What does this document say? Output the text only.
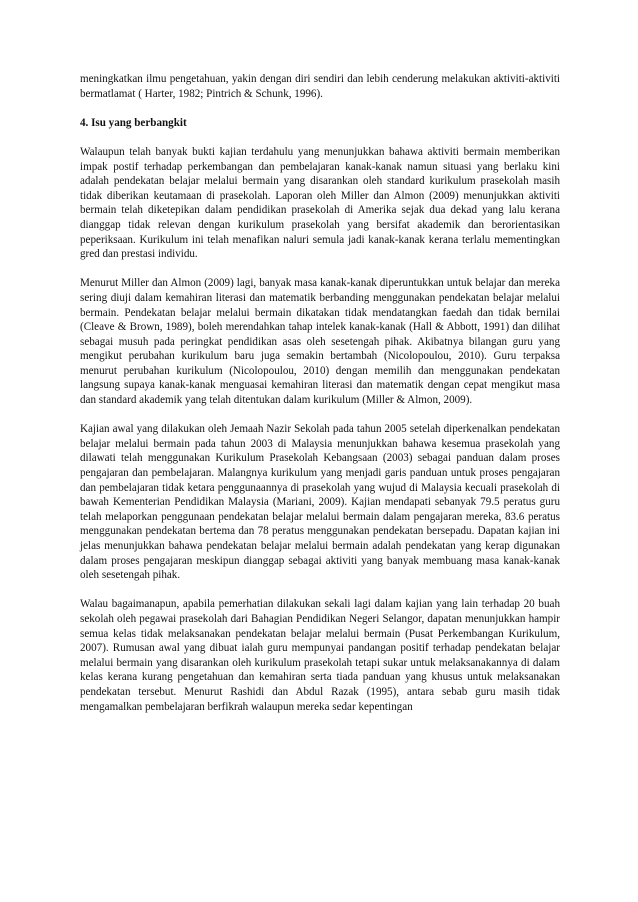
meningkatkan ilmu pengetahuan, yakin dengan diri sendiri dan lebih cenderung melakukan aktiviti-aktiviti bermatlamat ( Harter, 1982; Pintrich & Schunk, 1996).

4. Isu yang berbangkit

Walaupun telah banyak bukti kajian terdahulu yang menunjukkan bahawa aktiviti bermain memberikan impak postif terhadap perkembangan dan pembelajaran kanak-kanak namun situasi yang berlaku kini adalah pendekatan belajar melalui bermain yang disarankan oleh standard kurikulum prasekolah masih tidak diberikan keutamaan di prasekolah. Laporan oleh Miller dan Almon (2009) menunjukkan aktiviti bermain telah diketepikan dalam pendidikan prasekolah di Amerika sejak dua dekad yang lalu kerana dianggap tidak relevan dengan kurikulum prasekolah yang bersifat akademik dan berorientasikan peperiksaan. Kurikulum ini telah menafikan naluri semula jadi kanak-kanak kerana terlalu mementingkan gred dan prestasi individu.

Menurut Miller dan Almon (2009) lagi, banyak masa kanak-kanak diperuntukkan untuk belajar dan mereka sering diuji dalam kemahiran literasi dan matematik berbanding menggunakan pendekatan belajar melalui bermain. Pendekatan belajar melalui bermain dikatakan tidak mendatangkan faedah dan tidak bernilai (Cleave & Brown, 1989), boleh merendahkan tahap intelek kanak-kanak (Hall & Abbott, 1991) dan dilihat sebagai musuh pada peringkat pendidikan asas oleh sesetengah pihak. Akibatnya bilangan guru yang mengikut perubahan kurikulum baru juga semakin bertambah (Nicolopoulou, 2010). Guru terpaksa menurut perubahan kurikulum (Nicolopoulou, 2010) dengan memilih dan menggunakan pendekatan langsung supaya kanak-kanak menguasai kemahiran literasi dan matematik dengan cepat mengikut masa dan standard akademik yang telah ditentukan dalam kurikulum (Miller & Almon, 2009).

Kajian awal yang dilakukan oleh Jemaah Nazir Sekolah pada tahun 2005 setelah diperkenalkan pendekatan belajar melalui bermain pada tahun 2003 di Malaysia menunjukkan bahawa kesemua prasekolah yang dilawati telah menggunakan Kurikulum Prasekolah Kebangsaan (2003) sebagai panduan dalam proses pengajaran dan pembelajaran. Malangnya kurikulum yang menjadi garis panduan untuk proses pengajaran dan pembelajaran tidak ketara penggunaannya di prasekolah yang wujud di Malaysia kecuali prasekolah di bawah Kementerian Pendidikan Malaysia (Mariani, 2009). Kajian mendapati sebanyak 79.5 peratus guru telah melaporkan penggunaan pendekatan belajar melalui bermain dalam pengajaran mereka, 83.6 peratus menggunakan pendekatan bertema dan 78 peratus menggunakan pendekatan bersepadu. Dapatan kajian ini jelas menunjukkan bahawa pendekatan belajar melalui bermain adalah pendekatan yang kerap digunakan dalam proses pengajaran meskipun dianggap sebagai aktiviti yang banyak membuang masa kanak-kanak oleh sesetengah pihak.

Walau bagaimanapun, apabila pemerhatian dilakukan sekali lagi dalam kajian yang lain terhadap 20 buah sekolah oleh pegawai prasekolah dari Bahagian Pendidikan Negeri Selangor, dapatan menunjukkan hampir semua kelas tidak melaksanakan pendekatan belajar melalui bermain (Pusat Perkembangan Kurikulum, 2007). Rumusan awal yang dibuat ialah guru mempunyai pandangan positif terhadap pendekatan belajar melalui bermain yang disarankan oleh kurikulum prasekolah tetapi sukar untuk melaksanakannya di dalam kelas kerana kurang pengetahuan dan kemahiran serta tiada panduan yang khusus untuk melaksanakan pendekatan tersebut. Menurut Rashidi dan Abdul Razak (1995), antara sebab guru masih tidak mengamalkan pembelajaran berfikrah walaupun mereka sedar kepentingan
